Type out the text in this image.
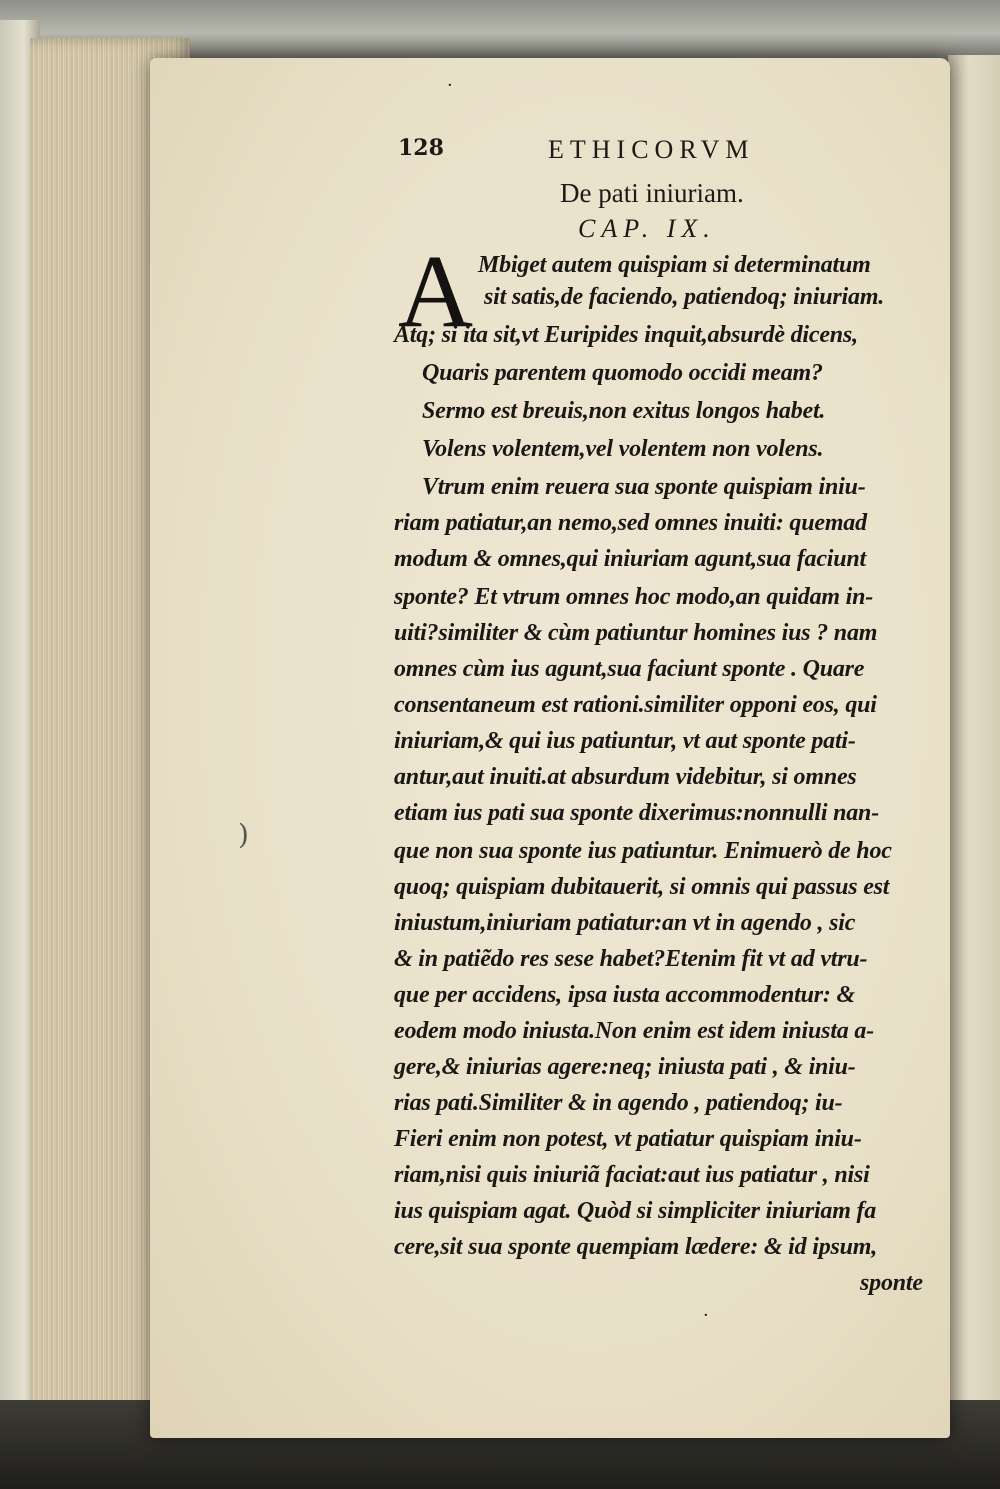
128	ETHICORVM
De pati iniuriam.
CAP. IX.
A Mbiget autem quispiam si determinatum
sit satis,de faciendo, patiendoq; iniuriam.
Atq; si ita sit,vt Euripides inquit,absurdè dicens,
Quaris parentem quomodo occidi meam?
Sermo est breuis,non exitus longos habet.
Volens volentem,vel volentem non volens.
Vtrum enim reuera sua sponte quispiam iniu-
riam patiatur,an nemo,sed omnes inuiti: quemad
modum & omnes,qui iniuriam agunt,sua faciunt
sponte? Et vtrum omnes hoc modo,an quidam in-
uiti?similiter & cùm patiuntur homines ius ? nam
omnes cùm ius agunt,sua faciunt sponte . Quare
consentaneum est rationi.similiter opponi eos, qui
iniuriam,& qui ius patiuntur, vt aut sponte pati-
antur,aut inuiti.at absurdum videbitur, si omnes
etiam ius pati sua sponte dixerimus:nonnulli nan-
que non sua sponte ius patiuntur. Enimuerò de hoc
quoq; quispiam dubitauerit, si omnis qui passus est
iniustum,iniuriam patiatur:an vt in agendo , sic
& in patiẽdo res sese habet?Etenim fit vt ad vtru-
que per accidens, ipsa iusta accommodentur: &
eodem modo iniusta.Non enim est idem iniusta a-
gere,& iniurias agere:neq; iniusta pati , & iniu-
rias pati.Similiter & in agendo , patiendoq; iu-
Fieri enim non potest, vt patiatur quispiam iniu-
riam,nisi quis iniuriã faciat:aut ius patiatur , nisi
ius quispiam agat. Quòd si simpliciter iniuriam fa
cere,sit sua sponte quempiam lædere: & id ipsum,
sponte
·
)
·
